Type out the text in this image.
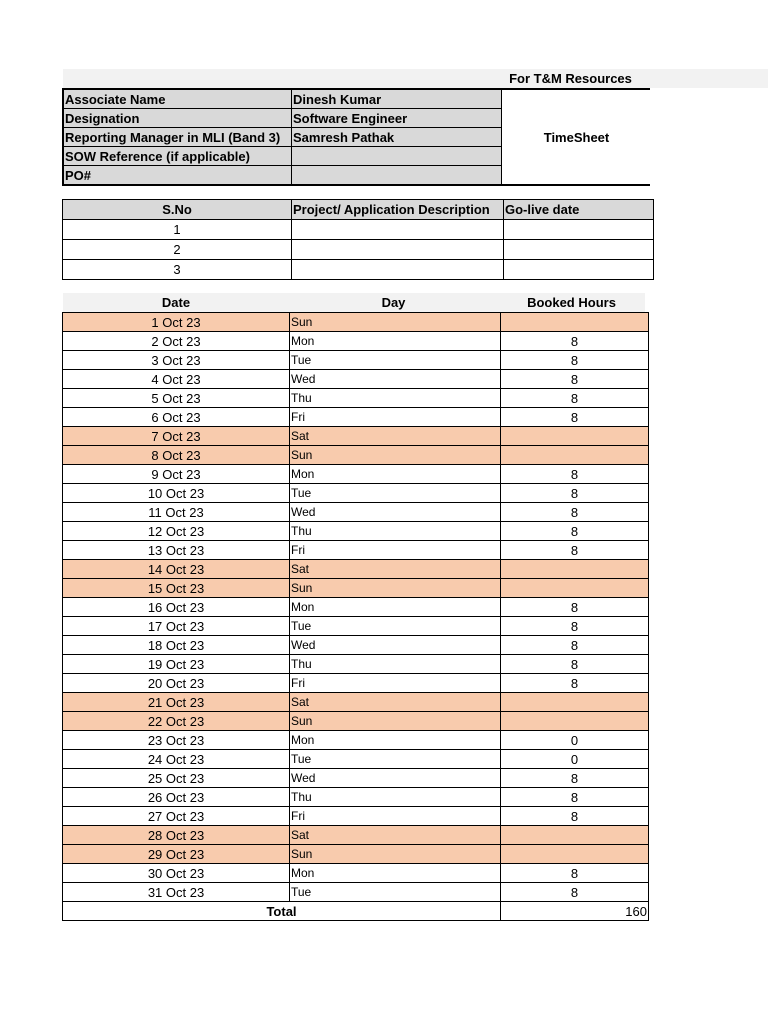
For T&M Resources
Associate Name	Dinesh Kumar	TimeSheet
Designation	Software Engineer	
Reporting Manager in MLI (Band 3)	Samresh Pathak	
SOW Reference (if applicable)		
PO#		
S.No	Project/ Application Description	Go-live date
1		
2		
3		
Date	Day	Booked Hours
1 Oct 23	Sun	
2 Oct 23	Mon	8
3 Oct 23	Tue	8
4 Oct 23	Wed	8
5 Oct 23	Thu	8
6 Oct 23	Fri	8
7 Oct 23	Sat	
8 Oct 23	Sun	
9 Oct 23	Mon	8
10 Oct 23	Tue	8
11 Oct 23	Wed	8
12 Oct 23	Thu	8
13 Oct 23	Fri	8
14 Oct 23	Sat	
15 Oct 23	Sun	
16 Oct 23	Mon	8
17 Oct 23	Tue	8
18 Oct 23	Wed	8
19 Oct 23	Thu	8
20 Oct 23	Fri	8
21 Oct 23	Sat	
22 Oct 23	Sun	
23 Oct 23	Mon	0
24 Oct 23	Tue	0
25 Oct 23	Wed	8
26 Oct 23	Thu	8
27 Oct 23	Fri	8
28 Oct 23	Sat	
29 Oct 23	Sun	
30 Oct 23	Mon	8
31 Oct 23	Tue	8
Total		160
